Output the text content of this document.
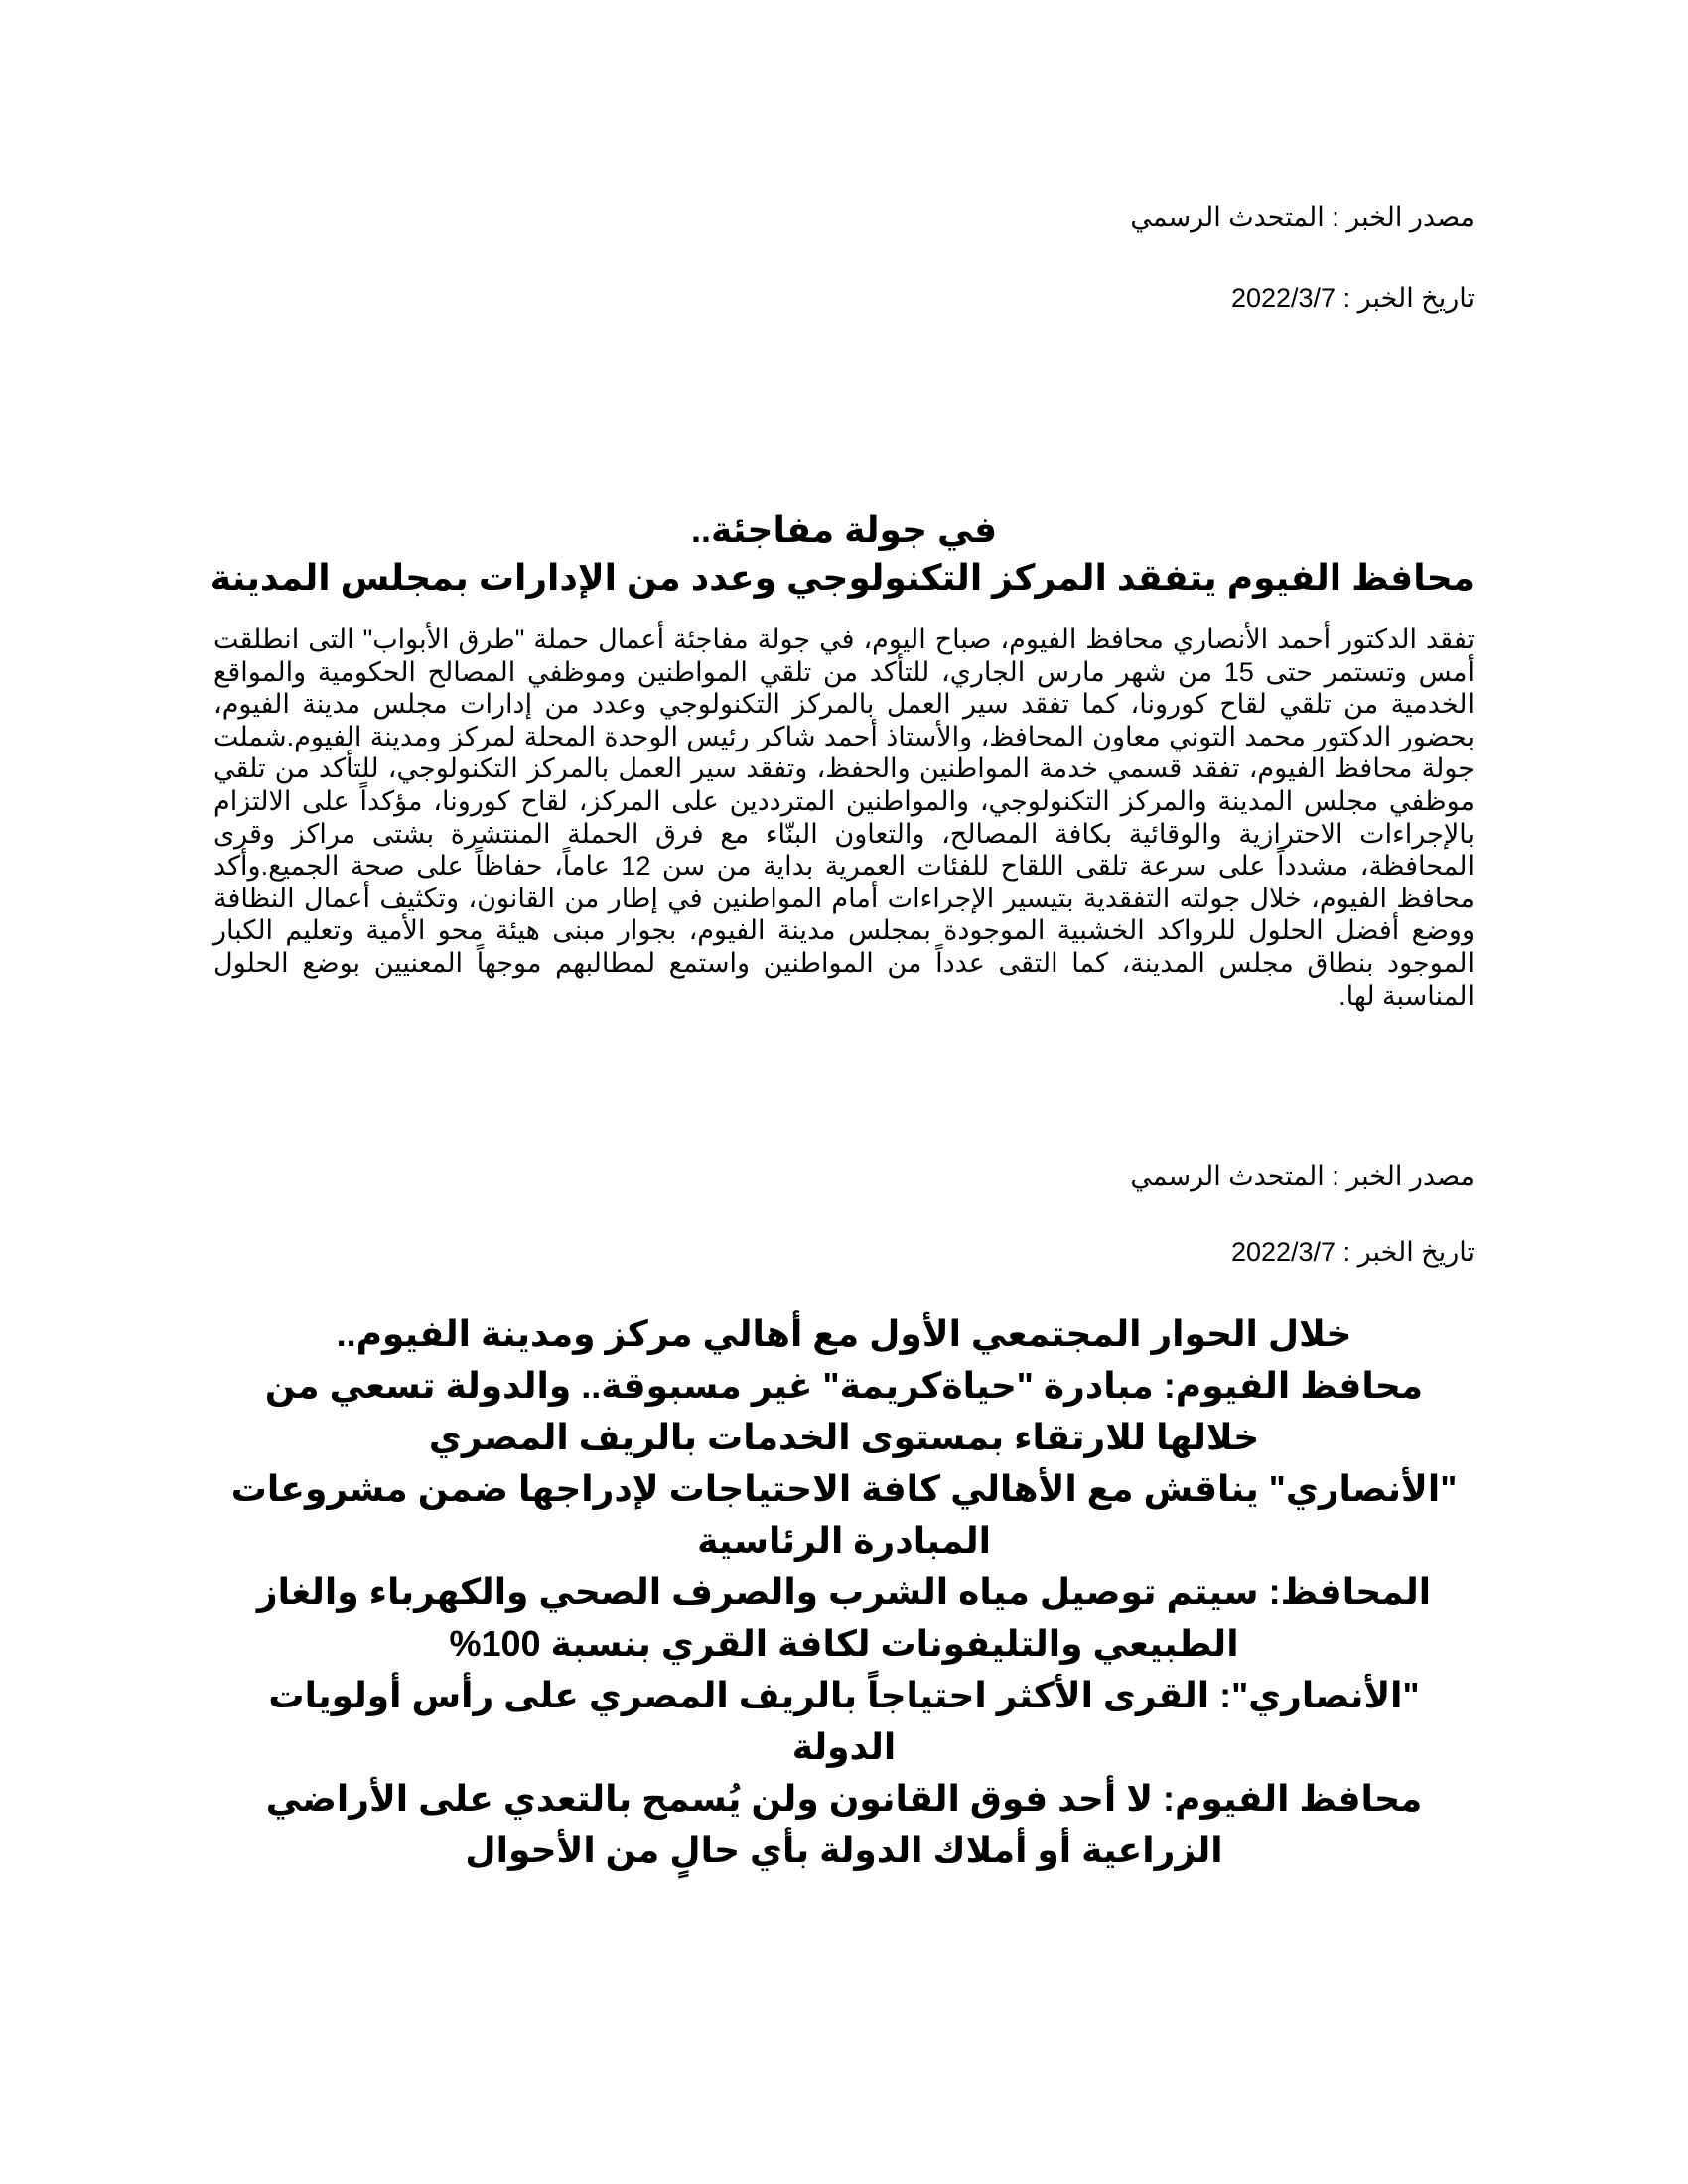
مصدر الخبر : المتحدث الرسمي
تاريخ الخبر : 2022/3/7
في جولة مفاجئة..
محافظ الفيوم يتفقد المركز التكنولوجي وعدد من الإدارات بمجلس المدينة
تفقد الدكتور أحمد الأنصاري محافظ الفيوم، صباح اليوم، في جولة مفاجئة أعمال حملة "طرق الأبواب" التى انطلقت أمس وتستمر حتى 15 من شهر مارس الجاري، للتأكد من تلقي المواطنين وموظفي المصالح الحكومية والمواقع الخدمية من تلقي لقاح كورونا، كما تفقد سير العمل بالمركز التكنولوجي وعدد من إدارات مجلس مدينة الفيوم، بحضور الدكتور محمد التوني معاون المحافظ، والأستاذ أحمد شاكر رئيس الوحدة المحلة لمركز ومدينة الفيوم.شملت جولة محافظ الفيوم، تفقد قسمي خدمة المواطنين والحفظ، وتفقد سير العمل بالمركز التكنولوجي، للتأكد من تلقي موظفي مجلس المدينة والمركز التكنولوجي، والمواطنين المترددين على المركز، لقاح كورونا، مؤكداً على الالتزام بالإجراءات الاحترازية والوقائية بكافة المصالح، والتعاون البنّاء مع فرق الحملة المنتشرة بشتى مراكز وقرى المحافظة، مشدداً على سرعة تلقى اللقاح للفئات العمرية بداية من سن 12 عاماً، حفاظاً على صحة الجميع.وأكد محافظ الفيوم، خلال جولته التفقدية بتيسير الإجراءات أمام المواطنين في إطار من القانون، وتكثيف أعمال النظافة ووضع أفضل الحلول للرواكد الخشبية الموجودة بمجلس مدينة الفيوم، بجوار مبنى هيئة محو الأمية وتعليم الكبار الموجود بنطاق مجلس المدينة، كما التقى عدداً من المواطنين واستمع لمطالبهم موجهاً المعنيين بوضع الحلول المناسبة لها.
مصدر الخبر : المتحدث الرسمي
تاريخ الخبر : 2022/3/7
خلال الحوار المجتمعي الأول مع أهالي مركز ومدينة الفيوم..
محافظ الفيوم: مبادرة "حياةكريمة" غير مسبوقة.. والدولة تسعي من خلالها للارتقاء بمستوى الخدمات بالريف المصري
"الأنصاري" يناقش مع الأهالي كافة الاحتياجات لإدراجها ضمن مشروعات المبادرة الرئاسية
المحافظ: سيتم توصيل مياه الشرب والصرف الصحي والكهرباء والغاز الطبيعي والتليفونات لكافة القري بنسبة 100%
"الأنصاري": القرى الأكثر احتياجاً بالريف المصري على رأس أولويات الدولة
محافظ الفيوم: لا أحد فوق القانون ولن يُسمح بالتعدي على الأراضي الزراعية أو أملاك الدولة بأي حالٍ من الأحوال
